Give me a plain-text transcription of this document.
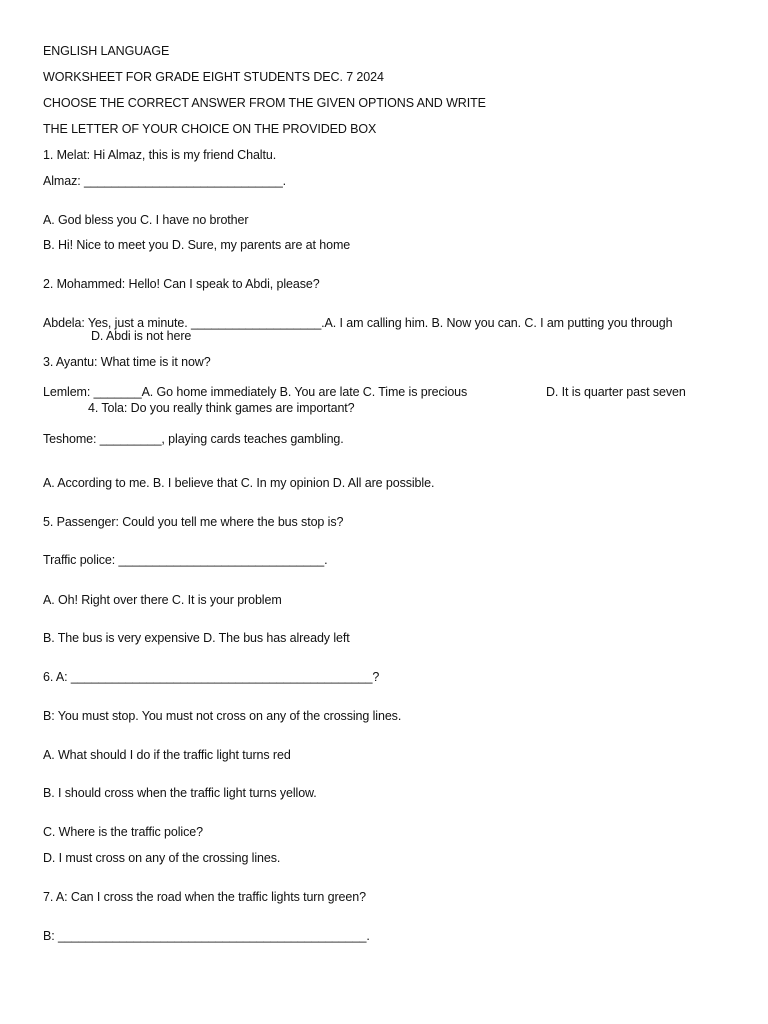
ENGLISH LANGUAGE
WORKSHEET FOR GRADE EIGHT STUDENTS DEC. 7 2024
CHOOSE THE CORRECT ANSWER FROM THE GIVEN OPTIONS AND WRITE
THE LETTER OF YOUR CHOICE ON THE PROVIDED BOX
1. Melat: Hi Almaz, this is my friend Chaltu.
Almaz: _____________________________.
A. God bless you C. I have no brother
B. Hi! Nice to meet you D. Sure, my parents are at home
2. Mohammed: Hello! Can I speak to Abdi, please?
Abdela: Yes, just a minute. ___________________.A. I am calling him. B. Now you can. C. I am putting you through
D. Abdi is not here
3. Ayantu: What time is it now?
Lemlem: _______A. Go home immediately B. You are late C. Time is precious	D. It is quarter past seven
4. Tola: Do you really think games are important?
Teshome: _________, playing cards teaches gambling.
A. According to me. B. I believe that C. In my opinion D. All are possible.
5. Passenger: Could you tell me where the bus stop is?
Traffic police: ______________________________.
A. Oh! Right over there C. It is your problem
B. The bus is very expensive D. The bus has already left
6. A: ____________________________________________?
B: You must stop. You must not cross on any of the crossing lines.
A. What should I do if the traffic light turns red
B. I should cross when the traffic light turns yellow.
C. Where is the traffic police?
D. I must cross on any of the crossing lines.
7. A: Can I cross the road when the traffic lights turn green?
B: _____________________________________________.
